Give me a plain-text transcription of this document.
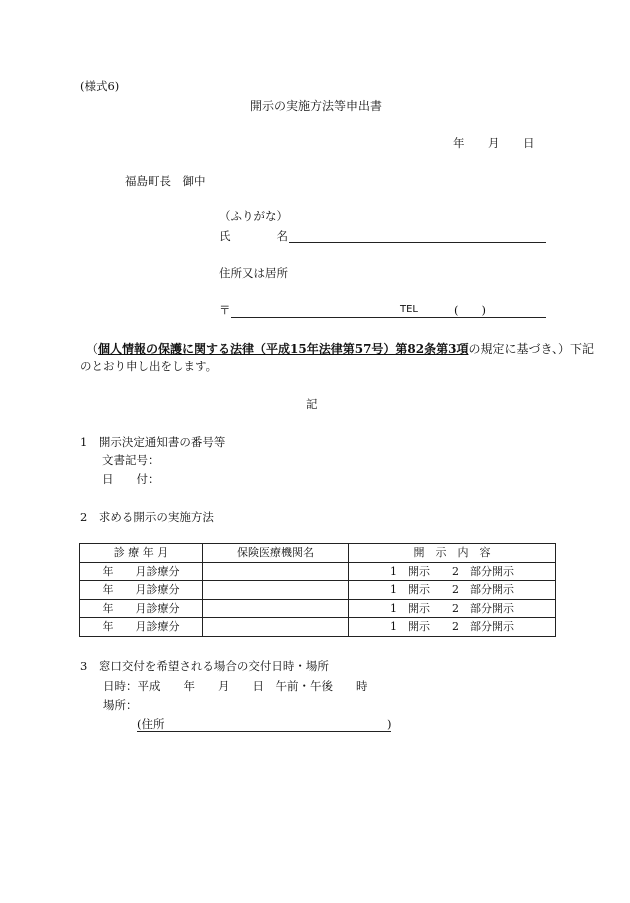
(様式6)
開示の実施方法等申出書
年 月 日
福島町長　御中
（ふりがな）
氏　　　　名
住所又は居所
〒	TEL	(　　)
（個人情報の保護に関する法律（平成15年法律第57号）第82条第3項の規定に基づき、）下記
のとおり申し出をします。
記
1　開示決定通知書の番号等
文書記号：
日　　付：
2　求める開示の実施方法
診 療 年 月	保険医療機関名	開　示　内　容
年　　月診療分		1　開示　　2　部分開示
年　　月診療分		1　開示　　2　部分開示
年　　月診療分		1　開示　　2　部分開示
年　　月診療分		1　開示　　2　部分開示
3　窓口交付を希望される場合の交付日時・場所
日時：平成　　年　　月　　日　午前・午後　　時
場所：
(住所	)
